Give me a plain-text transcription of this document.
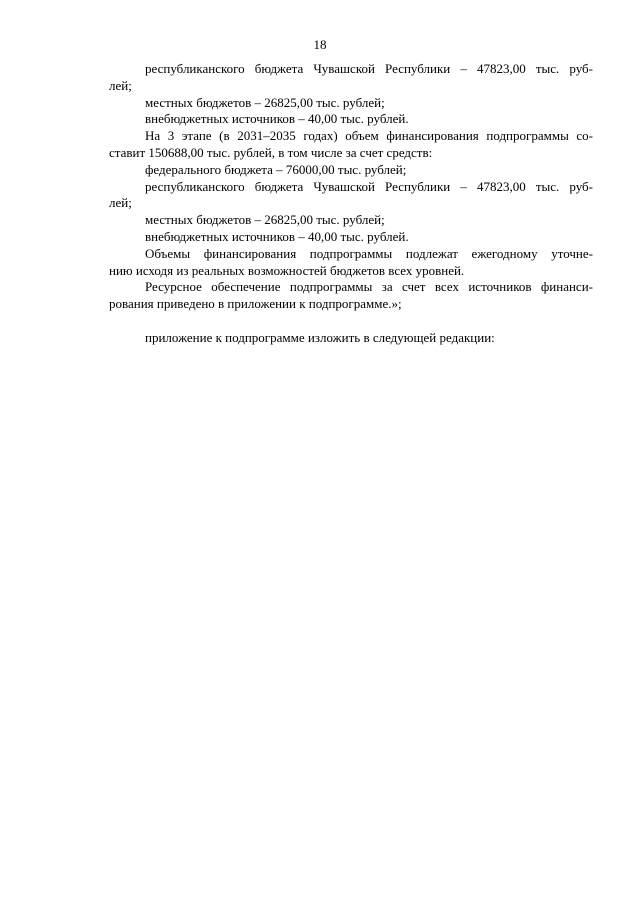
18
республиканского бюджета Чувашской Республики – 47823,00 тыс. руб-
лей;
местных бюджетов – 26825,00 тыс. рублей;
внебюджетных источников – 40,00 тыс. рублей.
На 3 этапе (в 2031–2035 годах) объем финансирования подпрограммы со-
ставит 150688,00 тыс. рублей, в том числе за счет средств:
федерального бюджета – 76000,00 тыс. рублей;
республиканского бюджета Чувашской Республики – 47823,00 тыс. руб-
лей;
местных бюджетов – 26825,00 тыс. рублей;
внебюджетных источников – 40,00 тыс. рублей.
Объемы финансирования подпрограммы подлежат ежегодному уточне-
нию исходя из реальных возможностей бюджетов всех уровней.
Ресурсное обеспечение подпрограммы за счет всех источников финанси-
рования приведено в приложении к подпрограмме.»;
приложение к подпрограмме изложить в следующей редакции:
